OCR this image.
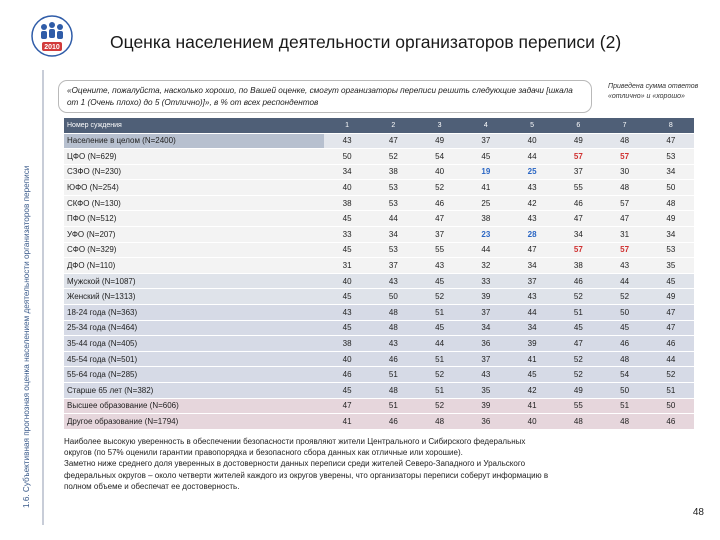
2010	Оценка населением деятельности организаторов переписи (2)
1.6. Субъективная прогнозная оценка населением деятельности организаторов переписи
«Оцените, пожалуйста, насколько хорошо, по Вашей оценке, смогут организаторы переписи решить следующие задачи [шкала от 1 (Очень плохо) до 5 (Отлично)]», в % от всех респондентов
Приведена сумма ответов «отлично» и «хорошо»
Номер суждения	1	2	3	4	5	6	7	8
Население в целом (N=2400)	43	47	49	37	40	49	48	47
ЦФО (N=629)	50	52	54	45	44	57	57	53
СЗФО (N=230)	34	38	40	19	25	37	30	34
ЮФО (N=254)	40	53	52	41	43	55	48	50
СКФО (N=130)	38	53	46	25	42	46	57	48
ПФО (N=512)	45	44	47	38	43	47	47	49
УФО (N=207)	33	34	37	23	28	34	31	34
СФО (N=329)	45	53	55	44	47	57	57	53
ДФО (N=110)	31	37	43	32	34	38	43	35
Мужской (N=1087)	40	43	45	33	37	46	44	45
Женский (N=1313)	45	50	52	39	43	52	52	49
18-24 года (N=363)	43	48	51	37	44	51	50	47
25-34 года (N=464)	45	48	45	34	34	45	45	47
35-44 года (N=405)	38	43	44	36	39	47	46	46
45-54 года (N=501)	40	46	51	37	41	52	48	44
55-64 года (N=285)	46	51	52	43	45	52	54	52
Старше 65 лет (N=382)	45	48	51	35	42	49	50	51
Высшее образование (N=606)	47	51	52	39	41	55	51	50
Другое образование (N=1794)	41	46	48	36	40	48	48	46
Наиболее высокую уверенность в обеспечении безопасности проявляют жители Центрального и Сибирского федеральных
округов (по 57% оценили гарантии правопорядка и безопасного сбора данных как отличные или хорошие).
Заметно ниже среднего доля уверенных в достоверности данных переписи среди жителей Северо-Западного и Уральского
федеральных округов – около четверти жителей каждого из округов уверены, что организаторы переписи соберут информацию в
полном объеме и обеспечат ее достоверность.
48
